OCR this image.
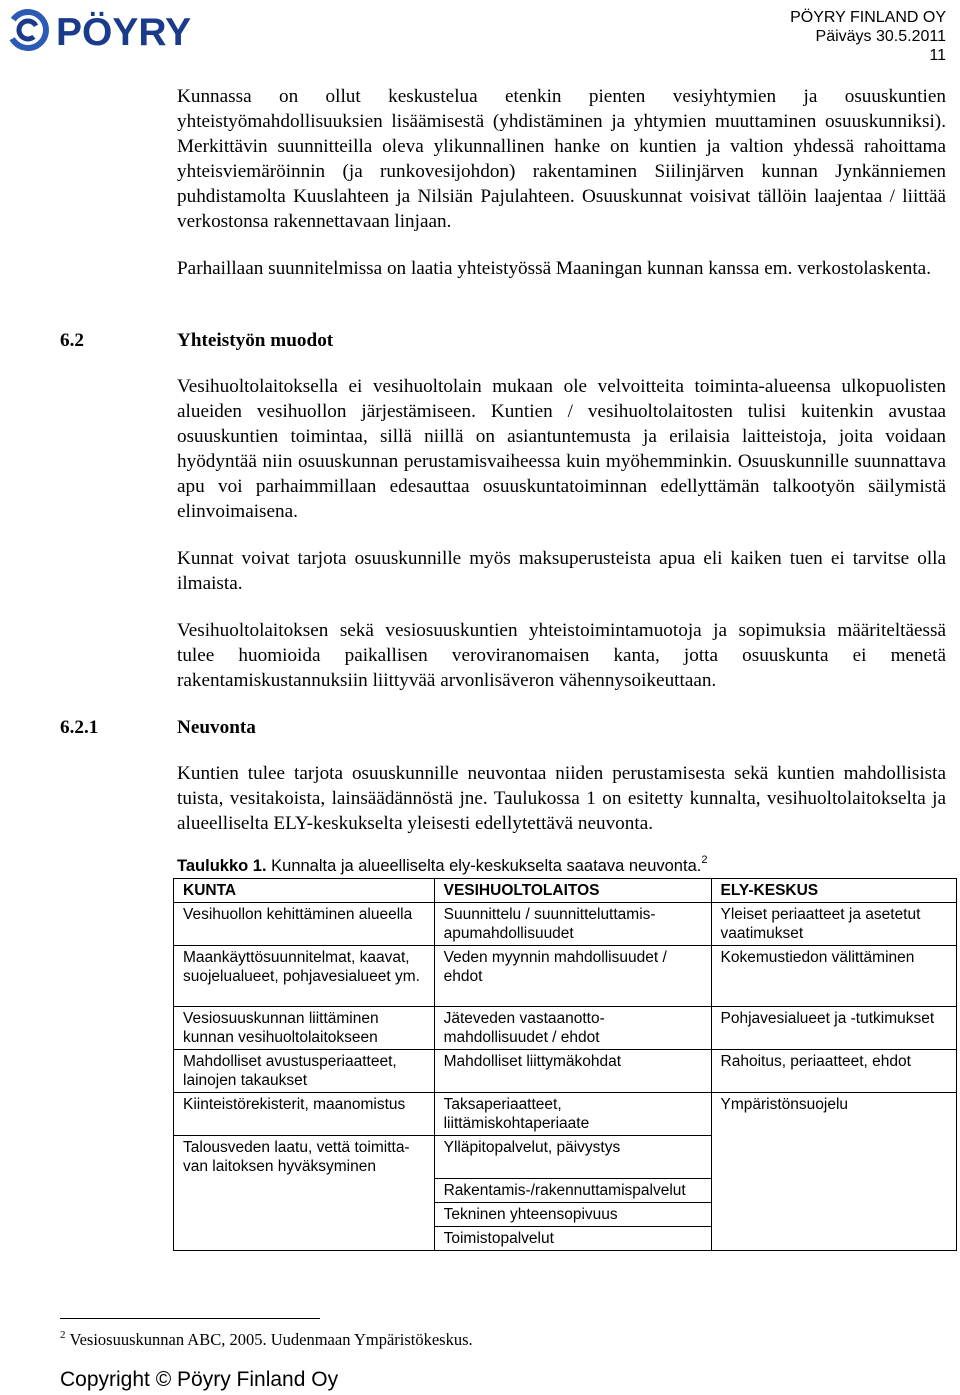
PÖYRY	PÖYRY FINLAND OY
Päiväys 30.5.2011
11
Kunnassa on ollut keskustelua etenkin pienten vesiyhtymien ja osuuskuntien yhteistyömahdollisuuksien lisäämisestä (yhdistäminen ja yhtymien muuttaminen osuuskunniksi). Merkittävin suunnitteilla oleva ylikunnallinen hanke on kuntien ja valtion yhdessä rahoittama yhteisviemäröinnin (ja runkovesijohdon) rakentaminen Siilinjärven kunnan Jynkänniemen puhdistamolta Kuuslahteen ja Nilsiän Pajulahteen. Osuuskunnat voisivat tällöin laajentaa / liittää verkostonsa rakennettavaan linjaan.
Parhaillaan suunnitelmissa on laatia yhteistyössä Maaningan kunnan kanssa em. verkostolaskenta.
6.2	Yhteistyön muodot
Vesihuoltolaitoksella ei vesihuoltolain mukaan ole velvoitteita toiminta-alueensa ulkopuolisten alueiden vesihuollon järjestämiseen. Kuntien / vesihuoltolaitosten tulisi kuitenkin avustaa osuuskuntien toimintaa, sillä niillä on asiantuntemusta ja erilaisia laitteistoja, joita voidaan hyödyntää niin osuuskunnan perustamisvaiheessa kuin myöhemminkin. Osuuskunnille suunnattava apu voi parhaimmillaan edesauttaa osuuskuntatoiminnan edellyttämän talkootyön säilymistä elinvoimaisena.
Kunnat voivat tarjota osuuskunnille myös maksuperusteista apua eli kaiken tuen ei tarvitse olla ilmaista.
Vesihuoltolaitoksen sekä vesiosuuskuntien yhteistoimintamuotoja ja sopimuksia määriteltäessä tulee huomioida paikallisen veroviranomaisen kanta, jotta osuuskunta ei menetä rakentamiskustannuksiin liittyvää arvonlisäveron vähennysoikeuttaan.
6.2.1	Neuvonta
Kuntien tulee tarjota osuuskunnille neuvontaa niiden perustamisesta sekä kuntien mahdollisista tuista, vesitakoista, lainsäädännöstä jne. Taulukossa 1 on esitetty kunnalta, vesihuoltolaitokselta ja alueelliselta ELY-keskukselta yleisesti edellytettävä neuvonta.
Taulukko 1. Kunnalta ja alueelliselta ely-keskukselta saatava neuvonta.$^2$
KUNTA	VESIHUOLTOLAITOS	ELY-KESKUS
Vesihuollon kehittäminen alueella	Suunnittelu / suunnitteluttamis-apumahdollisuudet	Yleiset periaatteet ja asetetut vaatimukset
Maankäyttösuunnitelmat, kaavat, suojelualueet, pohjavesialueet ym.	Veden myynnin mahdollisuudet / ehdot	Kokemustiedon välittäminen
Vesiosuuskunnan liittäminen kunnan vesihuoltolaitokseen	Jäteveden vastaanotto-mahdollisuudet / ehdot	Pohjavesialueet ja -tutkimukset
Mahdolliset avustusperiaatteet, lainojen takaukset	Mahdolliset liittymäkohdat	Rahoitus, periaatteet, ehdot
Kiinteistörekisterit, maanomistus	Taksaperiaatteet, liittämiskohtaperiaate	Ympäristönsuojelu
Talousveden laatu, vettä toimitta-van laitoksen hyväksyminen	Ylläpitopalvelut, päivystys	
	Rakentamis-/rakennuttamispalvelut	
	Tekninen yhteensopivuus	
	Toimistopalvelut	
$^2$ Vesiosuuskunnan ABC, 2005. Uudenmaan Ympäristökeskus.
Copyright © Pöyry Finland Oy
